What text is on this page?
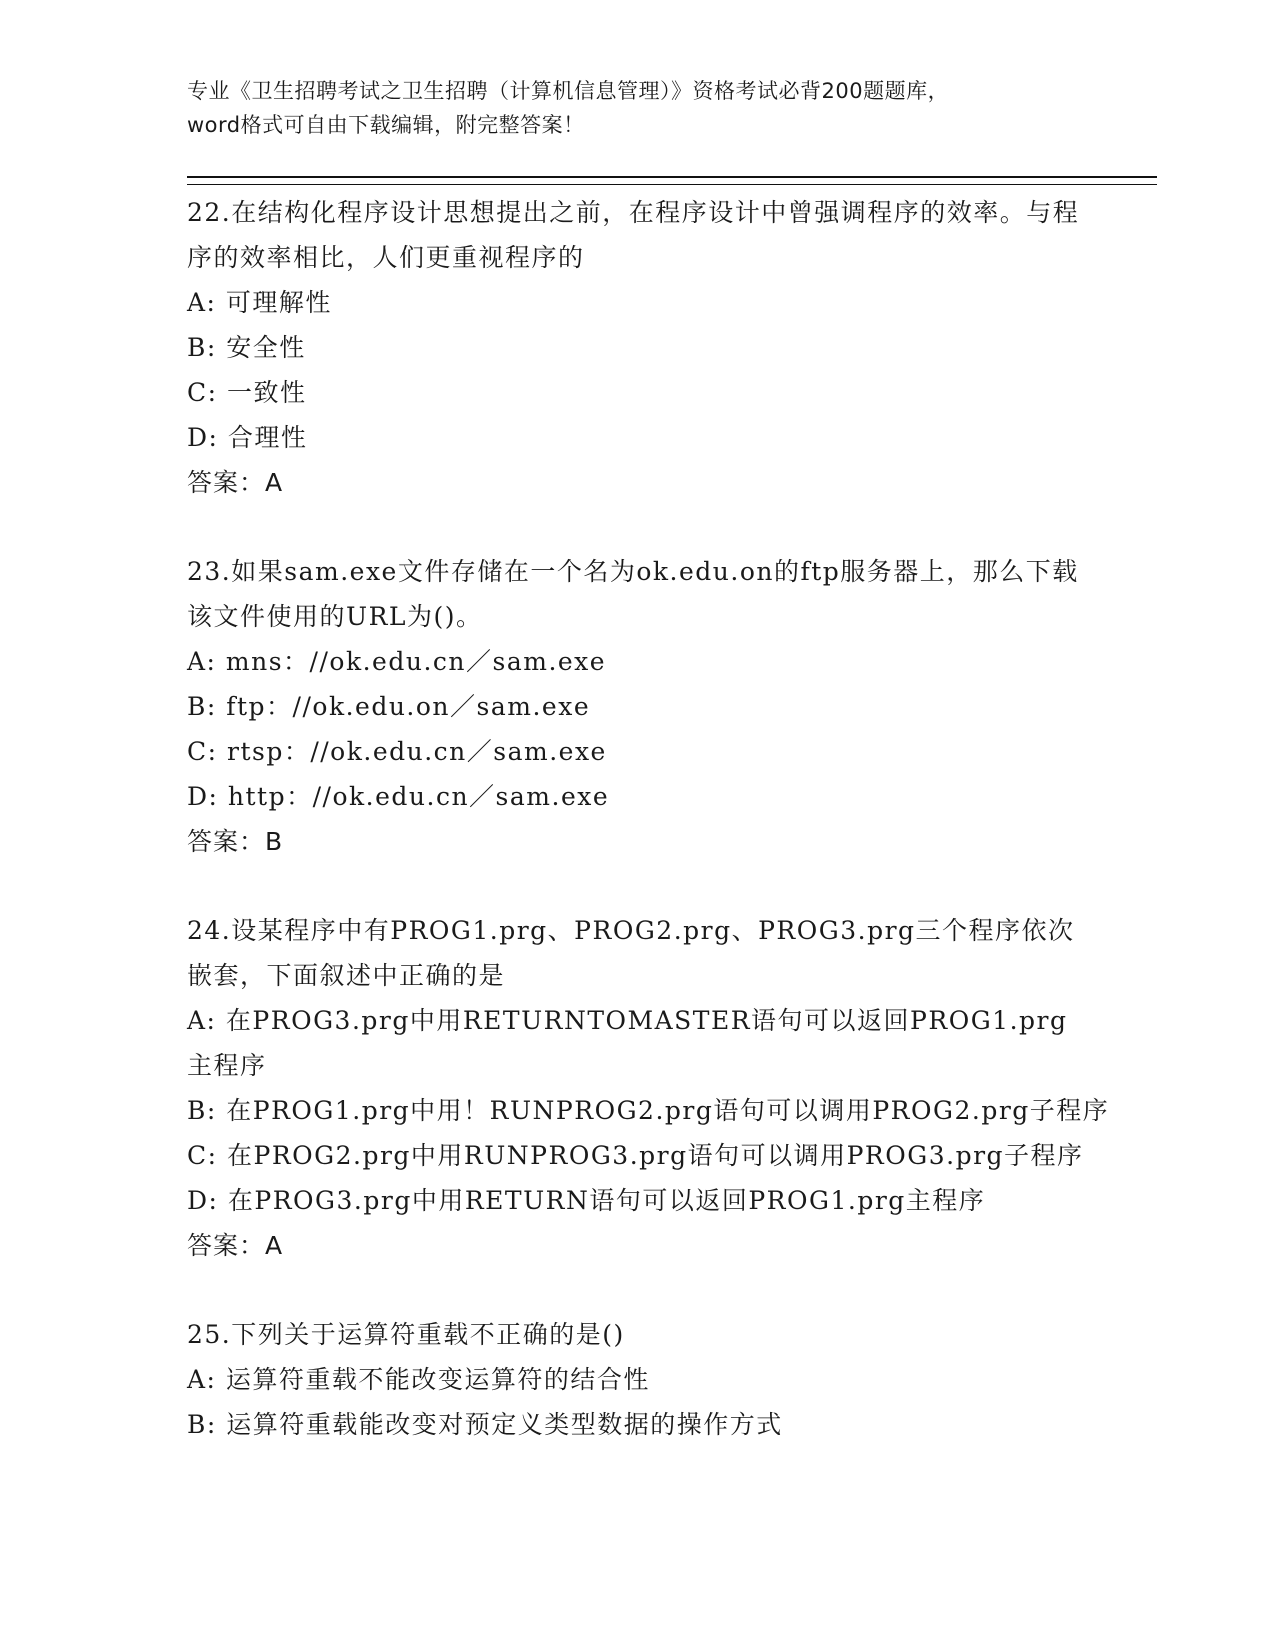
专业《卫生招聘考试之卫生招聘（计算机信息管理）》资格考试必背200题题库，
word格式可自由下载编辑，附完整答案！
22.在结构化程序设计思想提出之前，在程序设计中曾强调程序的效率。与程序的效率相比，人们更重视程序的
A: 可理解性
B: 安全性
C: 一致性
D: 合理性
答案：A
23.如果sam.exe文件存储在一个名为ok.edu.on的ftp服务器上，那么下载该文件使用的URL为()。
A: mns：//ok.edu.cn／sam.exe
B: ftp：//ok.edu.on／sam.exe
C: rtsp：//ok.edu.cn／sam.exe
D: http：//ok.edu.cn／sam.exe
答案：B
24.设某程序中有PROG1.prg、PROG2.prg、PROG3.prg三个程序依次嵌套，下面叙述中正确的是
A: 在PROG3.prg中用RETURNTOMASTER语句可以返回PROG1.prg主程序
B: 在PROG1.prg中用！RUNPROG2.prg语句可以调用PROG2.prg子程序
C: 在PROG2.prg中用RUNPROG3.prg语句可以调用PROG3.prg子程序
D: 在PROG3.prg中用RETURN语句可以返回PROG1.prg主程序
答案：A
25.下列关于运算符重载不正确的是()
A: 运算符重载不能改变运算符的结合性
B: 运算符重载能改变对预定义类型数据的操作方式
